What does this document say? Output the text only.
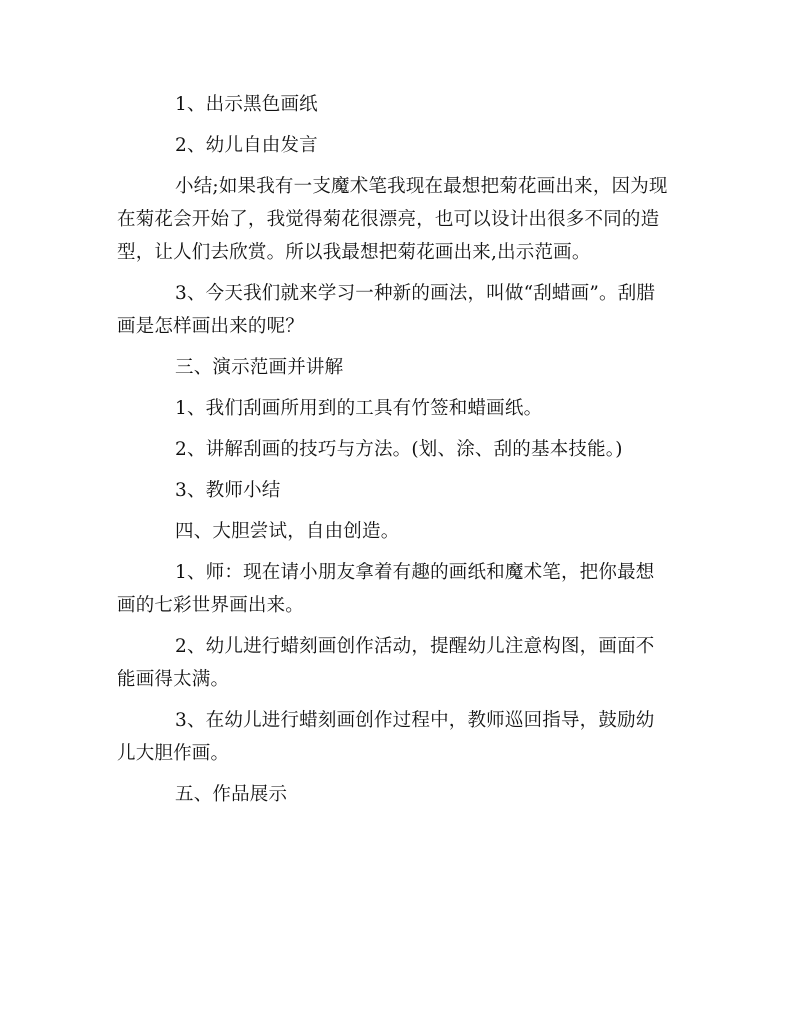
1、出示黑色画纸

2、幼儿自由发言

小结;如果我有一支魔术笔我现在最想把菊花画出来，因为现在菊花会开始了，我觉得菊花很漂亮，也可以设计出很多不同的造型，让人们去欣赏。所以我最想把菊花画出来,出示范画。

3、今天我们就来学习一种新的画法，叫做“刮蜡画”。刮腊画是怎样画出来的呢？

三、演示范画并讲解

1、我们刮画所用到的工具有竹签和蜡画纸。

2、讲解刮画的技巧与方法。(划、涂、刮的基本技能。)

3、教师小结

四、大胆尝试，自由创造。

1、师：现在请小朋友拿着有趣的画纸和魔术笔，把你最想画的七彩世界画出来。

2、幼儿进行蜡刻画创作活动，提醒幼儿注意构图，画面不能画得太满。

3、在幼儿进行蜡刻画创作过程中，教师巡回指导，鼓励幼儿大胆作画。

五、作品展示
